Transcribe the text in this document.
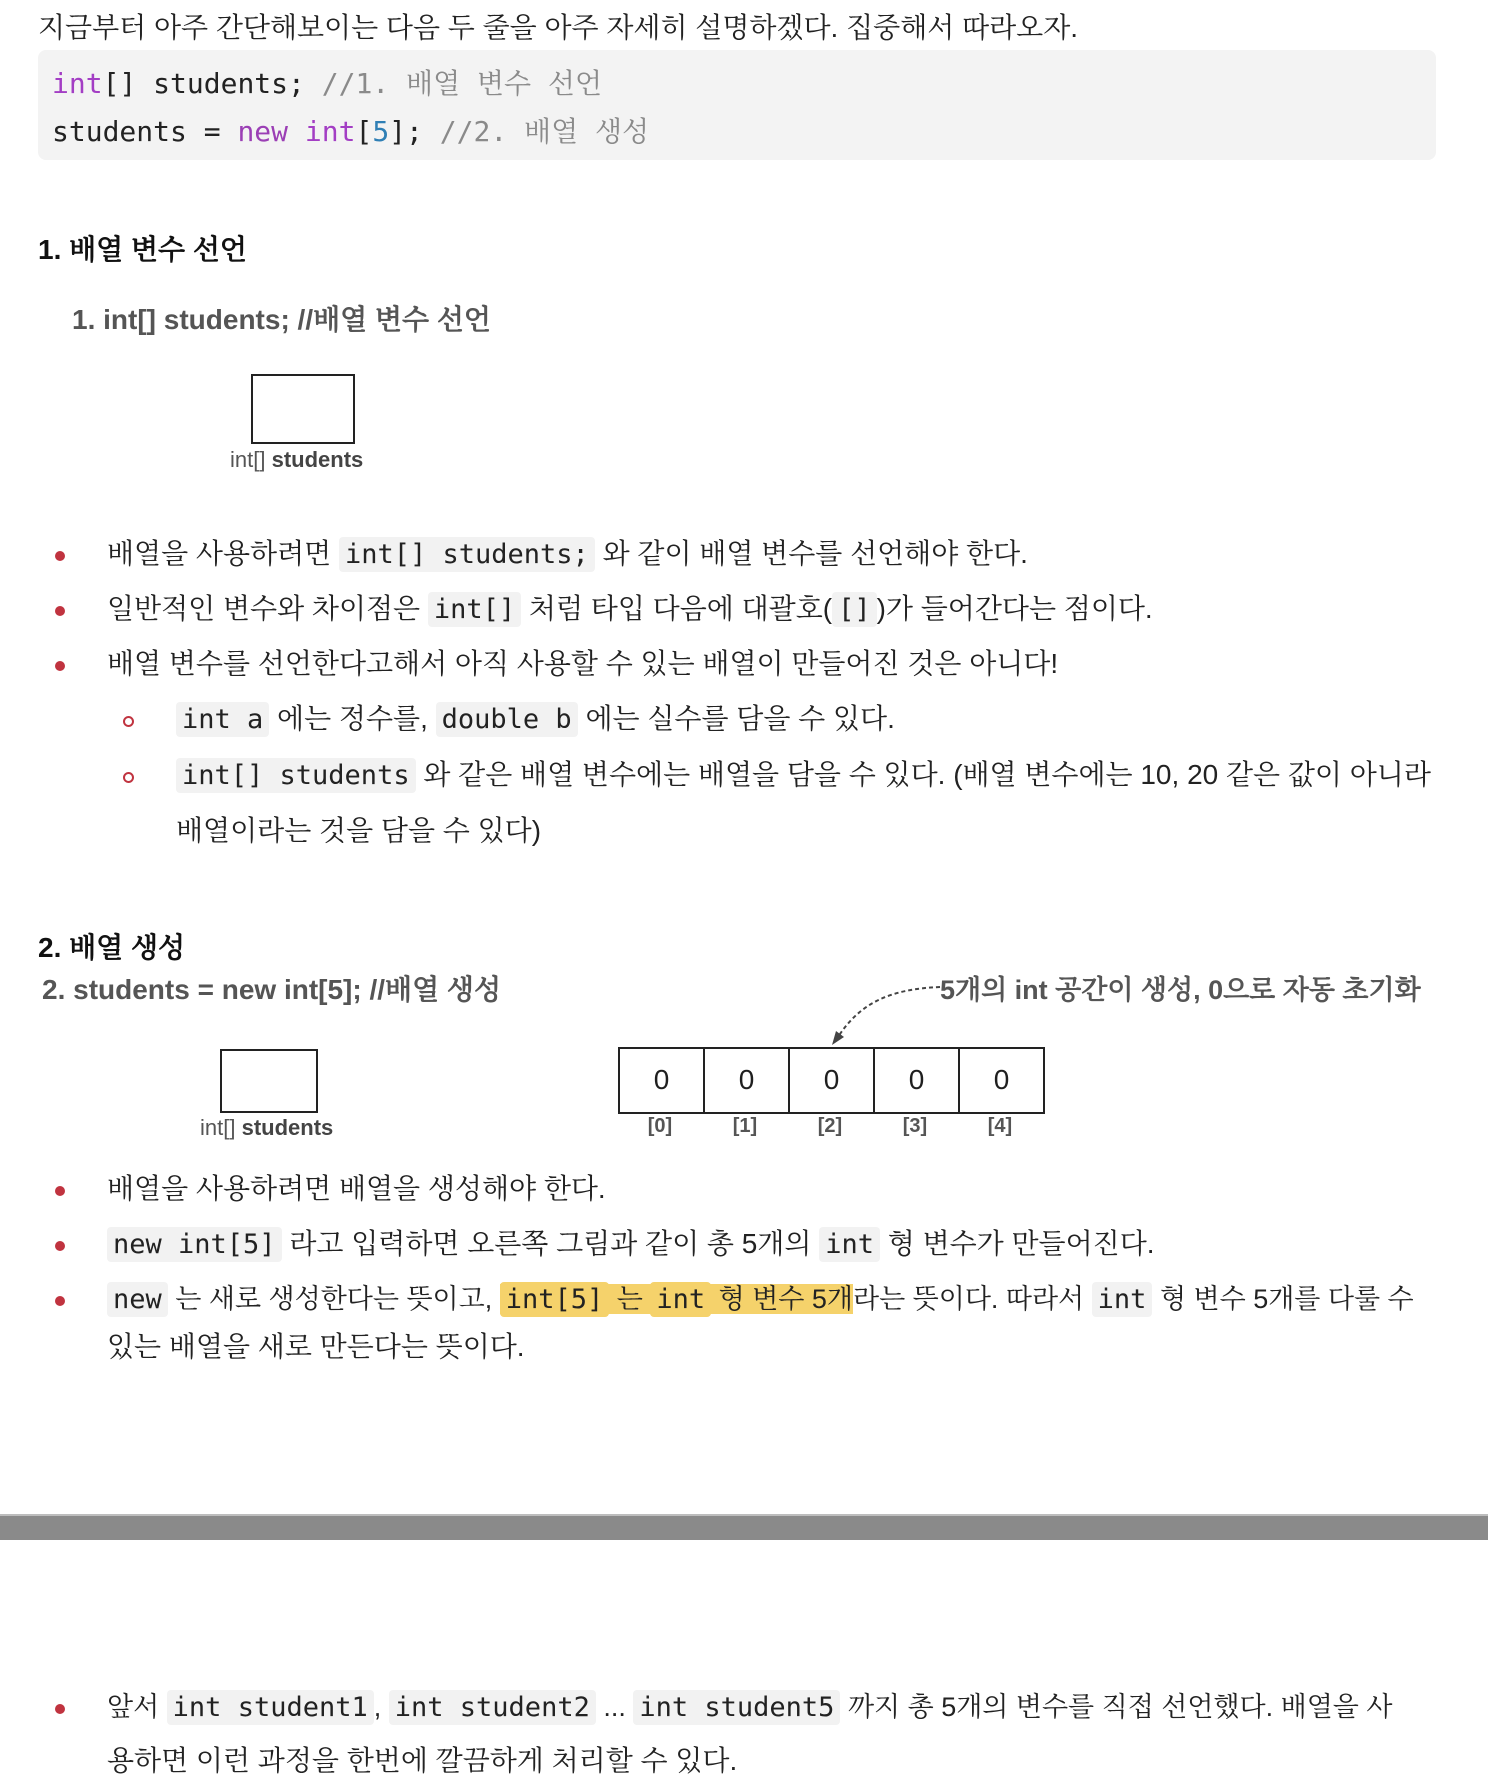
지금부터 아주 간단해보이는 다음 두 줄을 아주 자세히 설명하겠다. 집중해서 따라오자.
int[] students; //1. 배열 변수 선언
students = new int[5]; //2. 배열 생성
1. 배열 변수 선언
1. int[] students; //배열 변수 선언
int[] students
배열을 사용하려면 int[] students; 와 같이 배열 변수를 선언해야 한다.
일반적인 변수와 차이점은 int[] 처럼 타입 다음에 대괄호( [] )가 들어간다는 점이다.
배열 변수를 선언한다고해서 아직 사용할 수 있는 배열이 만들어진 것은 아니다!
int a 에는 정수를, double b 에는 실수를 담을 수 있다.
int[] students 와 같은 배열 변수에는 배열을 담을 수 있다. (배열 변수에는 10, 20 같은 값이 아니라
배열이라는 것을 담을 수 있다)
2. 배열 생성
2. students = new int[5]; //배열 생성	5개의 int 공간이 생성, 0으로 자동 초기화
int[] students
0	0	0	0	0
[0]	[1]	[2]	[3]	[4]
배열을 사용하려면 배열을 생성해야 한다.
new int[5] 라고 입력하면 오른쪽 그림과 같이 총 5개의 int 형 변수가 만들어진다.
new 는 새로 생성한다는 뜻이고, int[5] 는 int 형 변수 5개라는 뜻이다. 따라서 int 형 변수 5개를 다룰 수
있는 배열을 새로 만든다는 뜻이다.
앞서 int student1 , int student2 ... int student5 까지 총 5개의 변수를 직접 선언했다. 배열을 사
용하면 이런 과정을 한번에 깔끔하게 처리할 수 있다.
